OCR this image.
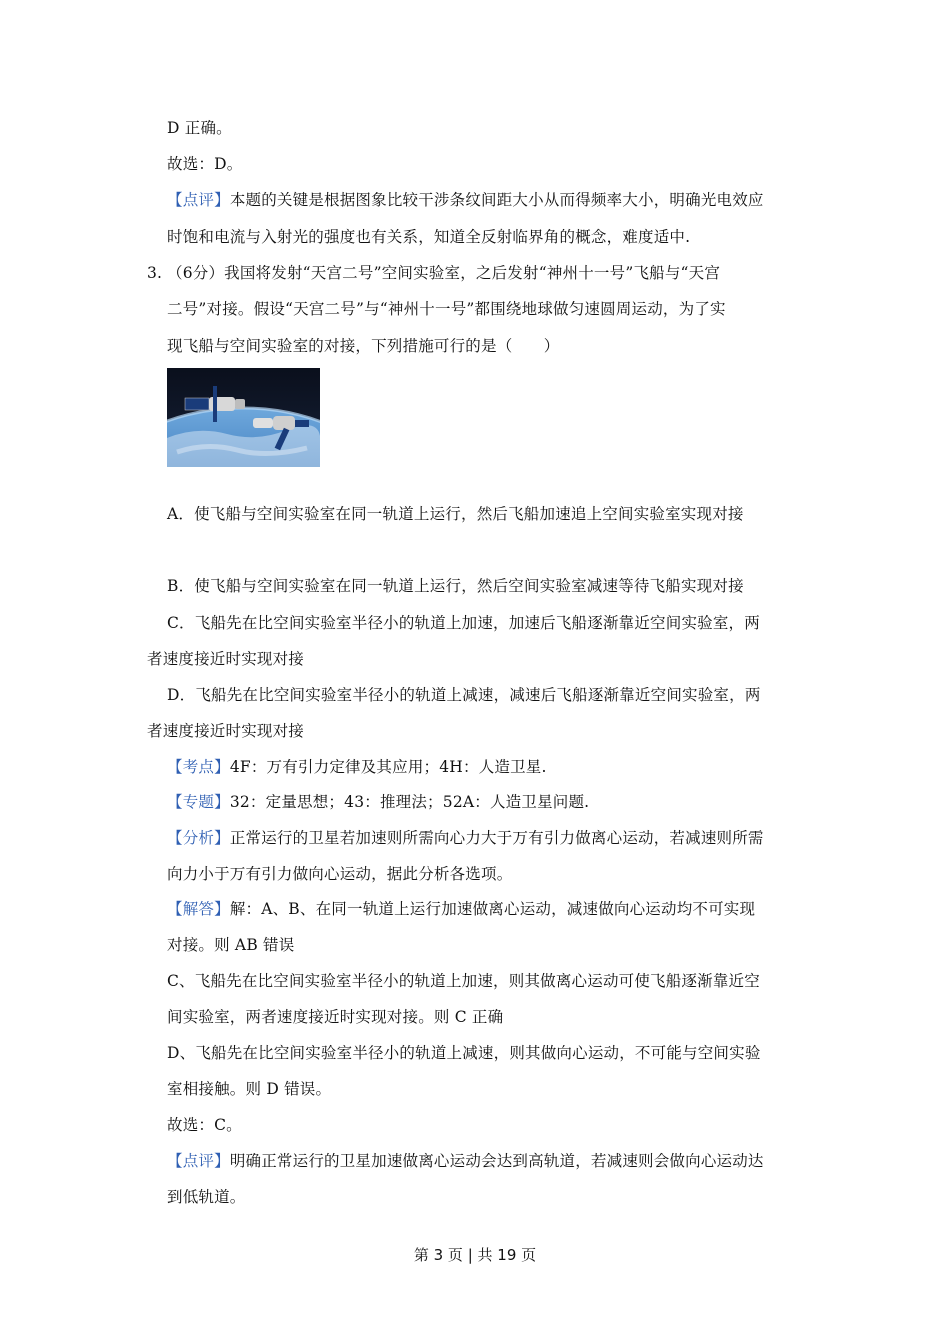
D 正确。
故选：D。
【点评】本题的关键是根据图象比较干涉条纹间距大小从而得频率大小，明确光电效应
时饱和电流与入射光的强度也有关系，知道全反射临界角的概念，难度适中.
3. （6分）我国将发射“天宫二号”空间实验室，之后发射“神州十一号”飞船与“天宫
二号”对接。假设“天宫二号”与“神州十一号”都围绕地球做匀速圆周运动，为了实
现飞船与空间实验室的对接，下列措施可行的是（　　）
A．使飞船与空间实验室在同一轨道上运行，然后飞船加速追上空间实验室实现对接
B．使飞船与空间实验室在同一轨道上运行，然后空间实验室减速等待飞船实现对接
C．飞船先在比空间实验室半径小的轨道上加速，加速后飞船逐渐靠近空间实验室，两
者速度接近时实现对接
D．飞船先在比空间实验室半径小的轨道上减速，减速后飞船逐渐靠近空间实验室，两
者速度接近时实现对接
【考点】4F：万有引力定律及其应用；4H：人造卫星.
【专题】32：定量思想；43：推理法；52A：人造卫星问题.
【分析】正常运行的卫星若加速则所需向心力大于万有引力做离心运动，若减速则所需
向力小于万有引力做向心运动，据此分析各选项。
【解答】解：A、B、在同一轨道上运行加速做离心运动，减速做向心运动均不可实现
对接。则 AB 错误
C、飞船先在比空间实验室半径小的轨道上加速，则其做离心运动可使飞船逐渐靠近空
间实验室，两者速度接近时实现对接。则 C 正确
D、飞船先在比空间实验室半径小的轨道上减速，则其做向心运动，不可能与空间实验
室相接触。则 D 错误。
故选：C。
【点评】明确正常运行的卫星加速做离心运动会达到高轨道，若减速则会做向心运动达
到低轨道。
第 3 页 | 共 19 页
